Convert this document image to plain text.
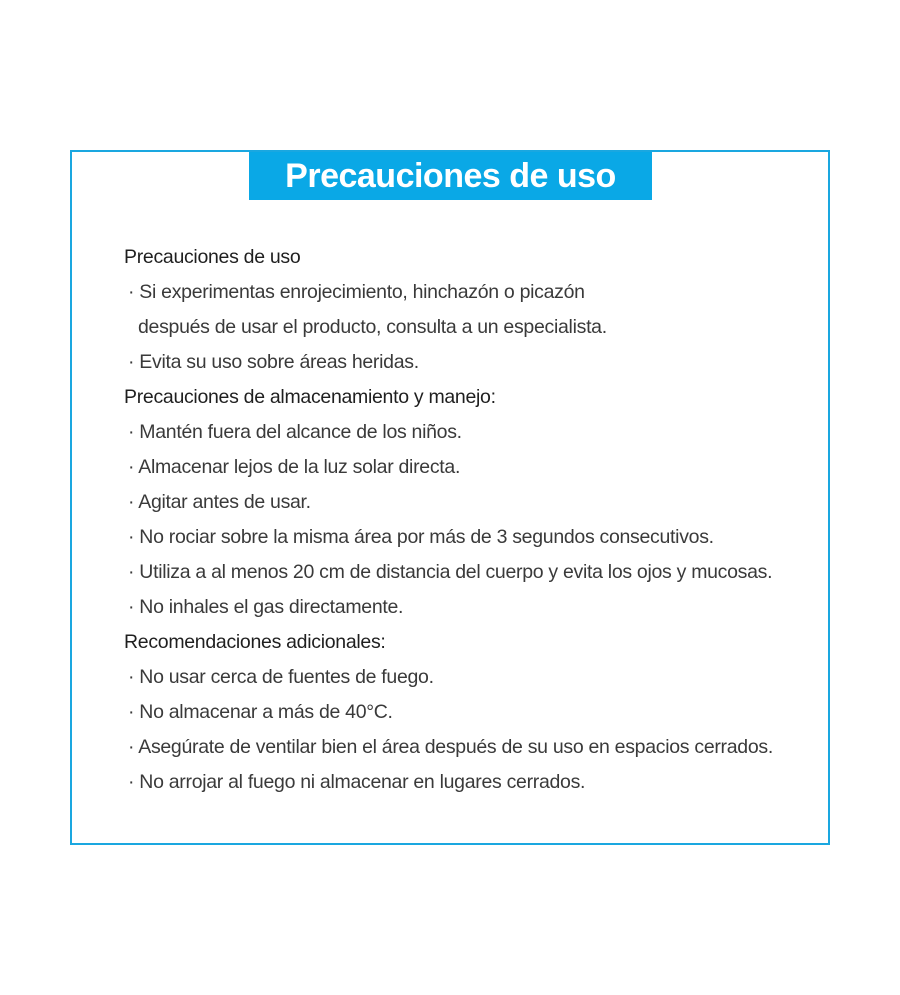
Precauciones de uso
Precauciones de uso
· Si experimentas enrojecimiento, hinchazón o picazón
después de usar el producto, consulta a un especialista.
· Evita su uso sobre áreas heridas.
Precauciones de almacenamiento y manejo:
· Mantén fuera del alcance de los niños.
· Almacenar lejos de la luz solar directa.
· Agitar antes de usar.
· No rociar sobre la misma área por más de 3 segundos consecutivos.
· Utiliza a al menos 20 cm de distancia del cuerpo y evita los ojos y mucosas.
· No inhales el gas directamente.
Recomendaciones adicionales:
· No usar cerca de fuentes de fuego.
· No almacenar a más de 40°C.
· Asegúrate de ventilar bien el área después de su uso en espacios cerrados.
· No arrojar al fuego ni almacenar en lugares cerrados.
